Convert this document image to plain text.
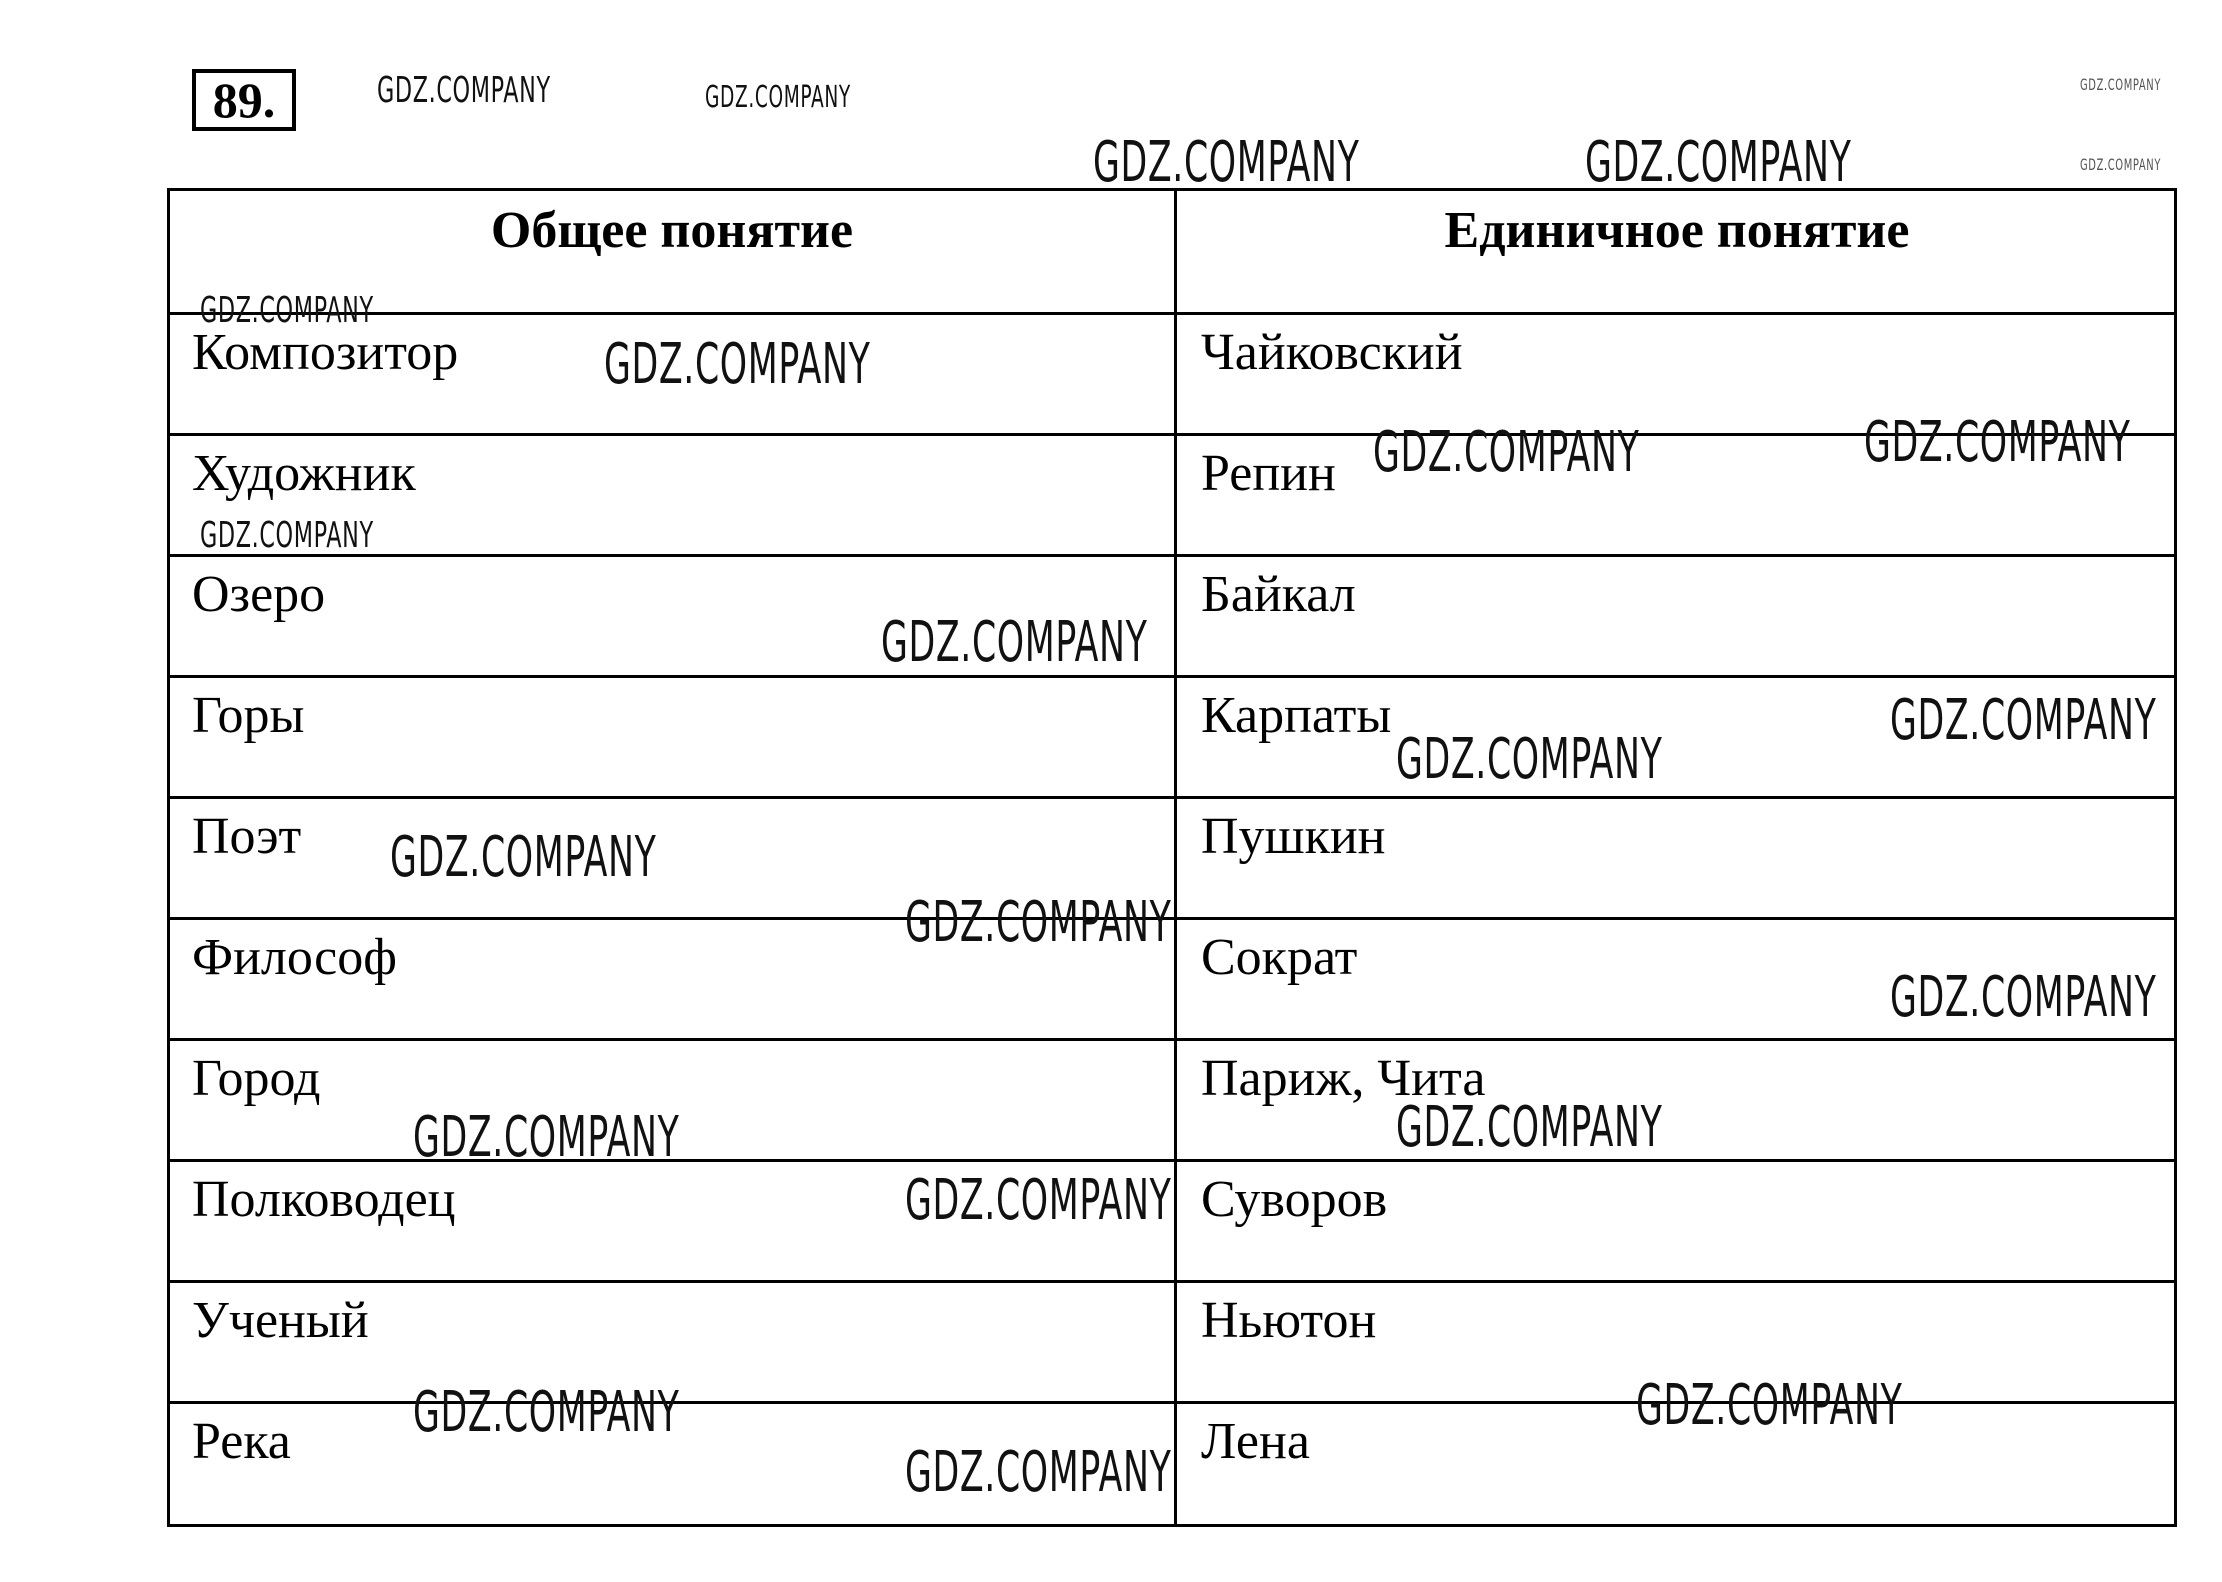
89.
Общее понятие	Единичное понятие
Композитор	Чайковский
Художник	Репин
Озеро	Байкал
Горы	Карпаты
Поэт	Пушкин
Философ	Сократ
Город	Париж, Чита
Полководец	Суворов
Ученый	Ньютон
Река	Лена
GDZ.COMPANY	GDZ.COMPANY	GDZ.COMPANY
GDZ.COMPANY
GDZ.COMPANY	GDZ.COMPANY
GDZ.COMPANY
GDZ.COMPANY
GDZ.COMPANY	GDZ.COMPANY
GDZ.COMPANY
GDZ.COMPANY
GDZ.COMPANY
GDZ.COMPANY
GDZ.COMPANY
GDZ.COMPANY
GDZ.COMPANY
GDZ.COMPANY
GDZ.COMPANY
GDZ.COMPANY
GDZ.COMPANY	GDZ.COMPANY
GDZ.COMPANY
